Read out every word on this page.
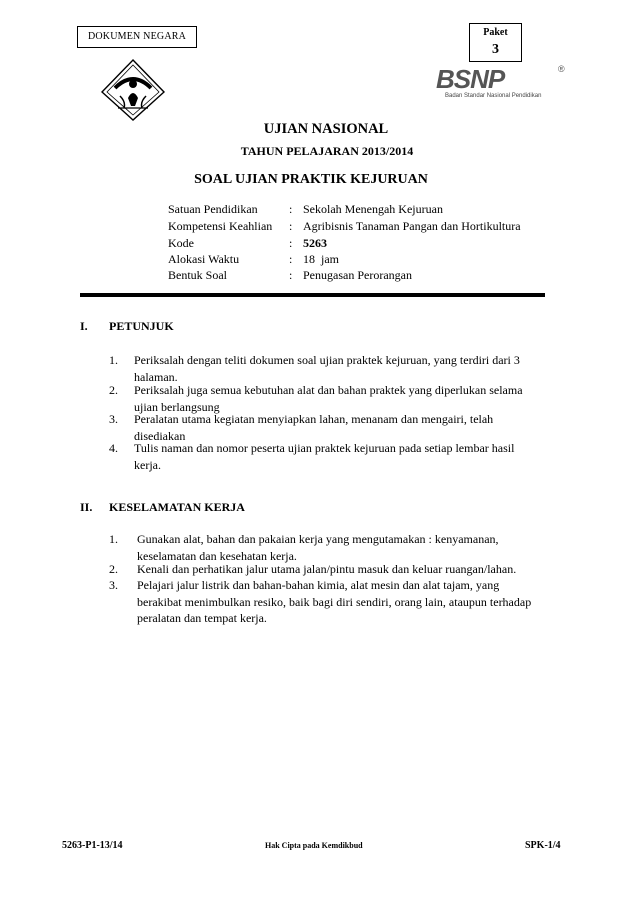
DOKUMEN NEGARA	Paket
3
BSNP	®
Badan Standar Nasional Pendidikan
UJIAN NASIONAL
TAHUN PELAJARAN 2013/2014
SOAL UJIAN PRAKTIK KEJURUAN
Satuan Pendidikan	: Sekolah Menengah Kejuruan
Kompetensi Keahlian : Agribisnis Tanaman Pangan dan Hortikultura
Kode	: 5263
Alokasi Waktu	: 18  jam
Bentuk Soal	: Penugasan Perorangan
I. PETUNJUK
1. Periksalah dengan teliti dokumen soal ujian praktek kejuruan, yang terdiri dari 3
halaman.
2. Periksalah juga semua kebutuhan alat dan bahan praktek yang diperlukan selama
ujian berlangsung
3. Peralatan utama kegiatan menyiapkan lahan, menanam dan mengairi, telah
disediakan
4. Tulis naman dan nomor peserta ujian praktek kejuruan pada setiap lembar hasil
kerja.
II. KESELAMATAN KERJA
1. Gunakan alat, bahan dan pakaian kerja yang mengutamakan : kenyamanan,
keselamatan dan kesehatan kerja.
2. Kenali dan perhatikan jalur utama jalan/pintu masuk dan keluar ruangan/lahan.
3. Pelajari jalur listrik dan bahan-bahan kimia, alat mesin dan alat tajam, yang
berakibat menimbulkan resiko, baik bagi diri sendiri, orang lain, ataupun terhadap
peralatan dan tempat kerja.
5263-P1-13/14	Hak Cipta pada Kemdikbud	SPK-1/4
